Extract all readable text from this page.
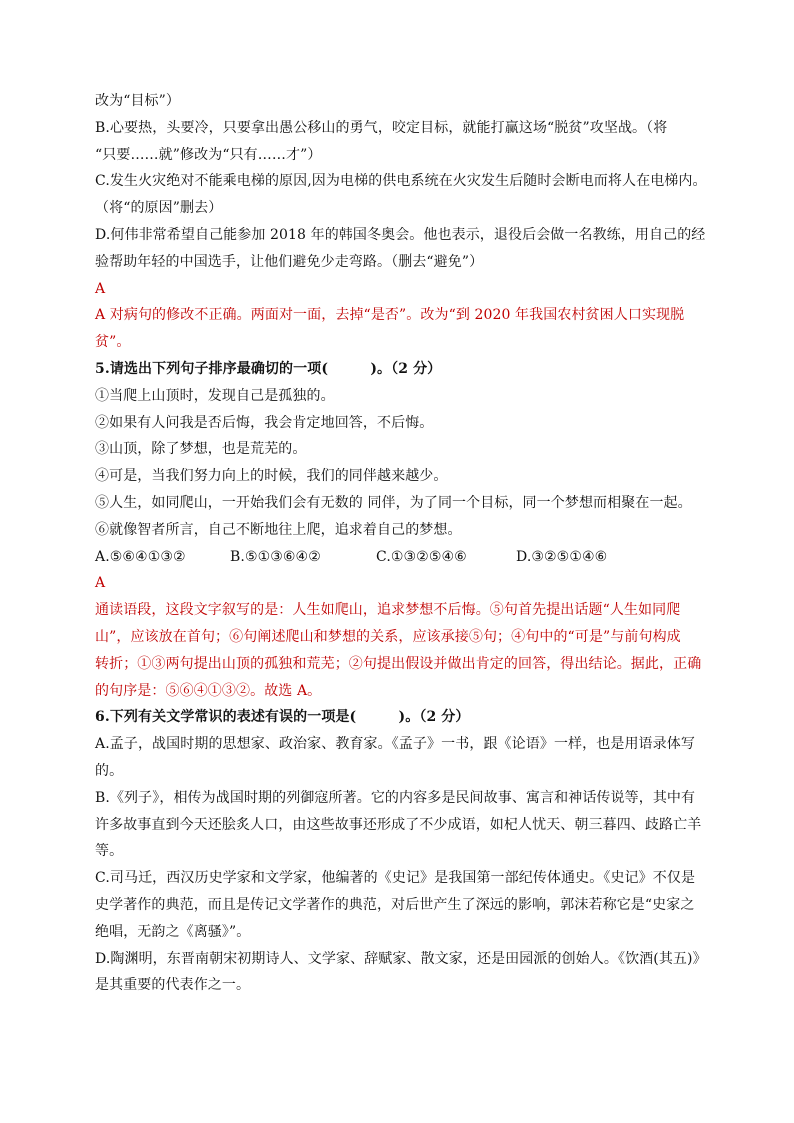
改为“目标”）
B.心要热，头要冷，只要拿出愚公移山的勇气，咬定目标，就能打赢这场“脱贫”攻坚战。（将
“只要……就”修改为“只有……才”）
C.发生火灾绝对不能乘电梯的原因,因为电梯的供电系统在火灾发生后随时会断电而将人在电梯内。
（将“的原因”删去）
D.何伟非常希望自己能参加 2018 年的韩国冬奥会。他也表示，退役后会做一名教练，用自己的经
验帮助年轻的中国选手，让他们避免少走弯路。（删去“避免”）
A
A 对病句的修改不正确。两面对一面，去掉“是否”。改为“到 2020 年我国农村贫困人口实现脱
贫”。
5.请选出下列句子排序最确切的一项(　　　)。（2 分）
①当爬上山顶时，发现自己是孤独的。
②如果有人问我是否后悔，我会肯定地回答，不后悔。
③山顶，除了梦想，也是荒芜的。
④可是，当我们努力向上的时候，我们的同伴越来越少。
⑤人生，如同爬山，一开始我们会有无数的 同伴，为了同一个目标，同一个梦想而相聚在一起。
⑥就像智者所言，自己不断地往上爬，追求着自己的梦想。
A.⑤⑥④①③②	B.⑤①③⑥④②	C.①③②⑤④⑥	D.③②⑤①④⑥
A
通读语段，这段文字叙写的是：人生如爬山，追求梦想不后悔。⑤句首先提出话题“人生如同爬
山”，应该放在首句；⑥句阐述爬山和梦想的关系，应该承接⑤句；④句中的“可是”与前句构成
转折；①③两句提出山顶的孤独和荒芜；②句提出假设并做出肯定的回答，得出结论。据此，正确
的句序是：⑤⑥④①③②。故选 A。
6.下列有关文学常识的表述有误的一项是(　　　)。（2 分）
A.孟子，战国时期的思想家、政治家、教育家。《孟子》一书，跟《论语》一样，也是用语录体写
的。
B.《列子》，相传为战国时期的列御寇所著。它的内容多是民间故事、寓言和神话传说等，其中有
许多故事直到今天还脍炙人口，由这些故事还形成了不少成语，如杞人忧天、朝三暮四、歧路亡羊
等。
C.司马迁，西汉历史学家和文学家，他编著的《史记》是我国第一部纪传体通史。《史记》不仅是
史学著作的典范，而且是传记文学著作的典范，对后世产生了深远的影响，郭沫若称它是“史家之
绝唱，无韵之《离骚》”。
D.陶渊明，东晋南朝宋初期诗人、文学家、辞赋家、散文家，还是田园派的创始人。《饮酒(其五)》
是其重要的代表作之一。
